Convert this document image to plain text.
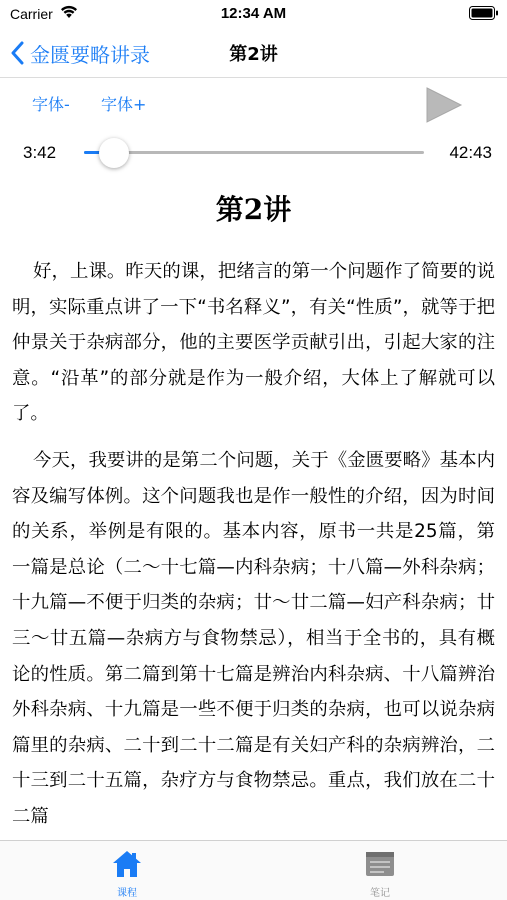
Carrier	12:34 AM
金匮要略讲录	第2讲
字体- 字体+
3:42	42:43
第2讲

好，上课。昨天的课，把绪言的第一个问题作了简要的说明，实际重点讲了一下“书名释义”，有关“性质”，就等于把仲景关于杂病部分，他的主要医学贡献引出，引起大家的注意。“沿革”的部分就是作为一般介绍，大体上了解就可以了。

今天，我要讲的是第二个问题，关于《金匮要略》基本内容及编写体例。这个问题我也是作一般性的介绍，因为时间的关系，举例是有限的。基本内容，原书一共是25篇，第一篇是总论（二～十七篇—内科杂病；十八篇—外科杂病；十九篇—不便于归类的杂病；廿～廿二篇—妇产科杂病；廿三～廿五篇—杂病方与食物禁忌），相当于全书的，具有概论的性质。第二篇到第十七篇是辨治内科杂病、十八篇辨治外科杂病、十九篇是一些不便于归类的杂病，也可以说杂病篇里的杂病、二十到二十二篇是有关妇产科的杂病辨治，二十三到二十五篇，杂疗方与食物禁忌。重点，我们放在二十二篇

课程	笔记
